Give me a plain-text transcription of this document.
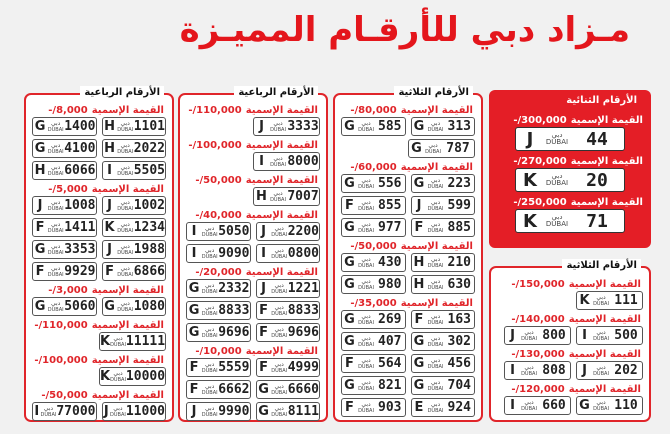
مـزاد دبي للأرقـام المميـزة
الأرقام الثنائية
القيمة الإسمية300,000/-
J	دبي
DUBAI	44
القيمة الإسمية270,000/-
K	دبي
DUBAI	20
القيمة الإسمية250,000/-
K	دبي
DUBAI	71
الأرقام الثلاثية
القيمة الإسمية150,000/-
K	دبي
DUBAI 111
القيمة الإسمية140,000/-
I	دبي
DUBAI 500
J	دبي
DUBAI 800
القيمة الإسمية130,000/-
J	دبي
DUBAI 202
I	دبي
DUBAI 808
القيمة الإسمية120,000/-
G	دبي
DUBAI 110
I	دبي
DUBAI 660
الأرقام الثلاثية
القيمة الإسمية80,000/-
G	دبي
DUBAI 313
G	دبي
DUBAI 585
G	دبي
DUBAI 787
القيمة الإسمية60,000/-
G	دبي
DUBAI 223
G	دبي
DUBAI 556
J	دبي
DUBAI 599
F	دبي
DUBAI 855
F	دبي
DUBAI 885
G	دبي
DUBAI 977
القيمة الإسمية50,000/-
H	دبي
DUBAI 210
G	دبي
DUBAI 430
H	دبي
DUBAI 630
G	دبي
DUBAI 980
القيمة الإسمية35,000/-
F	دبي
DUBAI 163
G	دبي
DUBAI 269
G	دبي
DUBAI 302
G	دبي
DUBAI 407
G	دبي
DUBAI 456
F	دبي
DUBAI 564
G	دبي
DUBAI 704
G	دبي
DUBAI 821
E	دبي
DUBAI 924
F	دبي
DUBAI 903
الأرقام الرباعية
القيمة الإسمية110,000/-
J	دبي
DUBAI 3333
القيمة الإسمية100,000/-
I	دبي
DUBAI 8000
القيمة الإسمية50,000/-
H	دبي
DUBAI 7007
القيمة الإسمية40,000/-
J	دبي
DUBAI 2200
I	دبي
DUBAI 5050
I	دبي
DUBAI 0800
I	دبي
DUBAI 9090
القيمة الإسمية20,000/-
J	دبي
DUBAI 1221
G دبي
DUBAI 2332
F	دبي
DUBAI 8833
G دبي
DUBAI 8833
F	دبي
DUBAI 9696
G دبي
DUBAI 9696
القيمة الإسمية10,000/-
F	دبي
DUBAI 4999
F	دبي
DUBAI 5559
G دبي
DUBAI 6660
F	دبي
DUBAI 6662
G دبي
DUBAI 8111
J	دبي
DUBAI 9990
الأرقام الرباعية
القيمة الإسمية8,000/-
H دبي
DUBAI 1101
G دبي
DUBAI 1400
H دبي
DUBAI 2022
G دبي
DUBAI 4100
I	دبي
DUBAI 5505
H دبي
DUBAI 6066
القيمة الإسمية5,000/-
J	دبي
DUBAI 1002
J	دبي
DUBAI 1008
K دبي
DUBAI 1234
F	دبي
DUBAI 1411
J	دبي
DUBAI 1988
G دبي
DUBAI 3353
F	دبي
DUBAI 6866
F	دبي
DUBAI 9929
القيمة الإسمية3,000/-
G دبي
DUBAI 1080
G دبي
DUBAI 5060
القيمة الإسمية110,000/-
K دبي
DUBAI 11111
القيمة الإسمية100,000/-
K دبي
DUBAI 10000
القيمة الإسمية50,000/-
J دبي
DUBAI 11000
I دبي
DUBAI 77000
